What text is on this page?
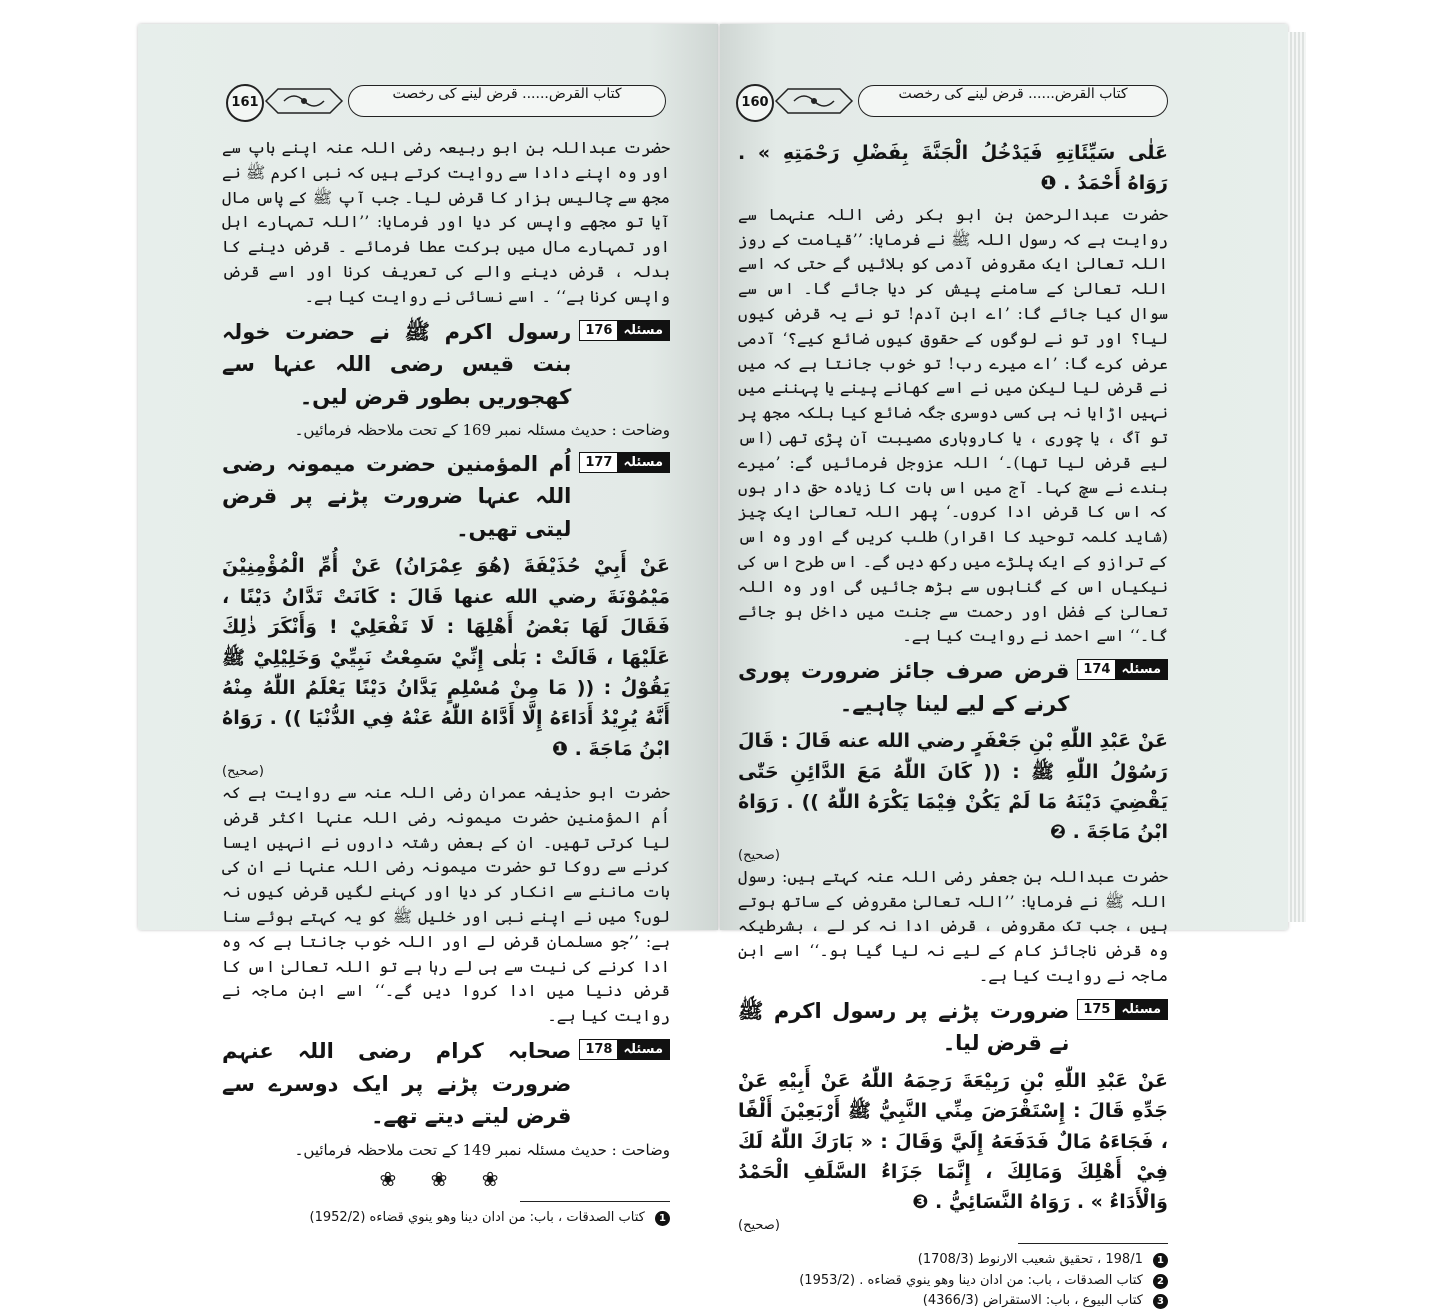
161
کتاب القرض...... قرض لینے کی رخصت

حضرت عبداللہ بن ابو ربیعہ رضی اللہ عنہ اپنے باپ سے اور وہ اپنے دادا سے روایت کرتے ہیں کہ نبی اکرم ﷺ نے مجھ سے چالیس ہزار کا قرض لیا۔ جب آپ ﷺ کے پاس مال آیا تو مجھے واپس کر دیا اور فرمایا: ’’اللہ تمہارے اہل اور تمہارے مال میں برکت عطا فرمائے ۔ قرض دینے کا بدلہ ، قرض دینے والے کی تعریف کرنا اور اسے قرض واپس کرنا ہے‘‘ ۔ اسے نسائی نے روایت کیا ہے۔

مسئلہ
176
رسول اکرم ﷺ نے حضرت خولہ بنت قیس رضی اللہ عنہا سے کھجوریں بطور قرض لیں۔

وضاحت : حدیث مسئلہ نمبر 169 کے تحت ملاحظہ فرمائیں۔

مسئلہ
177
اُم المؤمنین حضرت میمونہ رضی اللہ عنہا ضرورت پڑنے پر قرض لیتی تھیں۔

عَنْ أَبِيْ حُذَيْفَةَ (هُوَ عِمْرَانُ) عَنْ أُمِّ الْمُؤْمِنِيْنَ مَيْمُوْنَةَ رضي الله عنها قَالَ : كَانَتْ تَدَّانُ دَيْنًا ، فَقَالَ لَهَا بَعْضُ أَهْلِهَا : لَا تَفْعَلِيْ ! وَأَنْكَرَ ذٰلِكَ عَلَيْهَا ، قَالَتْ : بَلٰى إِنِّيْ سَمِعْتُ نَبِيِّيْ وَخَلِيْلِيْ ﷺ يَقُوْلُ : (( مَا مِنْ مُسْلِمٍ يَدَّانُ دَيْنًا يَعْلَمُ اللّٰهُ مِنْهُ أَنَّهُ يُرِيْدُ أَدَاءَهُ إِلَّا أَدَّاهُ اللّٰهُ عَنْهُ فِي الدُّنْيَا )) . رَوَاهُ ابْنُ مَاجَةَ . ❶

(صحیح)

حضرت ابو حذیفہ عمران رضی اللہ عنہ سے روایت ہے کہ اُم المؤمنین حضرت میمونہ رضی اللہ عنہا اکثر قرض لیا کرتی تھیں۔ ان کے بعض رشتہ داروں نے انہیں ایسا کرنے سے روکا تو حضرت میمونہ رضی اللہ عنہا نے ان کی بات ماننے سے انکار کر دیا اور کہنے لگیں قرض کیوں نہ لوں؟ میں نے اپنے نبی اور خلیل ﷺ کو یہ کہتے ہوئے سنا ہے: ’’جو مسلمان قرض لے اور اللہ خوب جانتا ہے کہ وہ ادا کرنے کی نیت سے ہی لے رہا ہے تو اللہ تعالیٰ اس کا قرض دنیا میں ادا کروا دیں گے۔‘‘ اسے ابن ماجہ نے روایت کیا ہے۔

مسئلہ
178
صحابہ کرام رضی اللہ عنہم ضرورت پڑنے پر ایک دوسرے سے قرض لیتے دیتے تھے۔

وضاحت : حدیث مسئلہ نمبر 149 کے تحت ملاحظہ فرمائیں۔

❀ ❀ ❀
1 كتاب الصدقات ، باب: من ادان دينا وهو ينوي قضاءه (1952/2)
160
کتاب القرض...... قرض لینے کی رخصت

عَلٰى سَيِّئَاتِهِ فَيَدْخُلُ الْجَنَّةَ بِفَضْلِ رَحْمَتِهِ » . رَوَاهُ أَحْمَدُ . ❶

حضرت عبدالرحمن بن ابو بکر رضی اللہ عنہما سے روایت ہے کہ رسول اللہ ﷺ نے فرمایا: ’’قیامت کے روز اللہ تعالیٰ ایک مقروض آدمی کو بلائیں گے حتی کہ اسے اللہ تعالیٰ کے سامنے پیش کر دیا جائے گا۔ اس سے سوال کیا جائے گا: ’اے ابن آدم! تو نے یہ قرض کیوں لیا؟ اور تو نے لوگوں کے حقوق کیوں ضائع کیے؟‘ آدمی عرض کرے گا: ’اے میرے رب! تو خوب جانتا ہے کہ میں نے قرض لیا لیکن میں نے اسے کھانے پینے یا پہننے میں نہیں اڑایا نہ ہی کسی دوسری جگہ ضائع کیا بلکہ مجھ پر تو آگ ، یا چوری ، یا کاروباری مصیبت آن پڑی تھی (اس لیے قرض لیا تھا)۔‘ اللہ عزوجل فرمائیں گے: ’میرے بندے نے سچ کہا۔ آج میں اس بات کا زیادہ حق دار ہوں کہ اس کا قرض ادا کروں۔‘ پھر اللہ تعالیٰ ایک چیز (شاید کلمہ توحید کا اقرار) طلب کریں گے اور وہ اس کے ترازو کے ایک پلڑے میں رکھ دیں گے۔ اس طرح اس کی نیکیاں اس کے گناہوں سے بڑھ جائیں گی اور وہ اللہ تعالیٰ کے فضل اور رحمت سے جنت میں داخل ہو جائے گا۔‘‘ اسے احمد نے روایت کیا ہے۔

مسئلہ
174
قرض صرف جائز ضرورت پوری کرنے کے لیے لینا چاہیے۔

عَنْ عَبْدِ اللّٰهِ بْنِ جَعْفَرٍ رضي الله عنه قَالَ : قَالَ رَسُوْلُ اللّٰهِ ﷺ : (( كَانَ اللّٰهُ مَعَ الدَّائِنِ حَتّٰى يَقْضِيَ دَيْنَهُ مَا لَمْ يَكُنْ فِيْمَا يَكْرَهُ اللّٰهُ )) . رَوَاهُ ابْنُ مَاجَةَ . ❷

(صحیح)

حضرت عبداللہ بن جعفر رضی اللہ عنہ کہتے ہیں: رسول اللہ ﷺ نے فرمایا: ’’اللہ تعالیٰ مقروض کے ساتھ ہوتے ہیں ، جب تک مقروض ، قرض ادا نہ کر لے ، بشرطیکہ وہ قرض ناجائز کام کے لیے نہ لیا گیا ہو۔‘‘ اسے ابن ماجہ نے روایت کیا ہے۔

مسئلہ
175
ضرورت پڑنے پر رسول اکرم ﷺ نے قرض لیا۔

عَنْ عَبْدِ اللّٰهِ بْنِ رَبِيْعَةَ رَحِمَهُ اللّٰهُ عَنْ أَبِيْهِ عَنْ جَدِّهِ قَالَ : إِسْتَقْرَضَ مِنِّي النَّبِيُّ ﷺ أَرْبَعِيْنَ أَلْفًا ، فَجَاءَهُ مَالٌ فَدَفَعَهُ إِلَيَّ وَقَالَ : « بَارَكَ اللّٰهُ لَكَ فِيْ أَهْلِكَ وَمَالِكَ ، إِنَّمَا جَزَاءُ السَّلَفِ الْحَمْدُ وَالْأَدَاءُ » . رَوَاهُ النَّسَائِيُّ . ❸

(صحیح)
1 198/1 ، تحقیق شعیب الارنوط (1708/3)
2 كتاب الصدقات ، باب: من ادان دينا وهو ينوي قضاءه . (1953/2)
3 کتاب البیوع ، باب: الاستقراض (4366/3)
